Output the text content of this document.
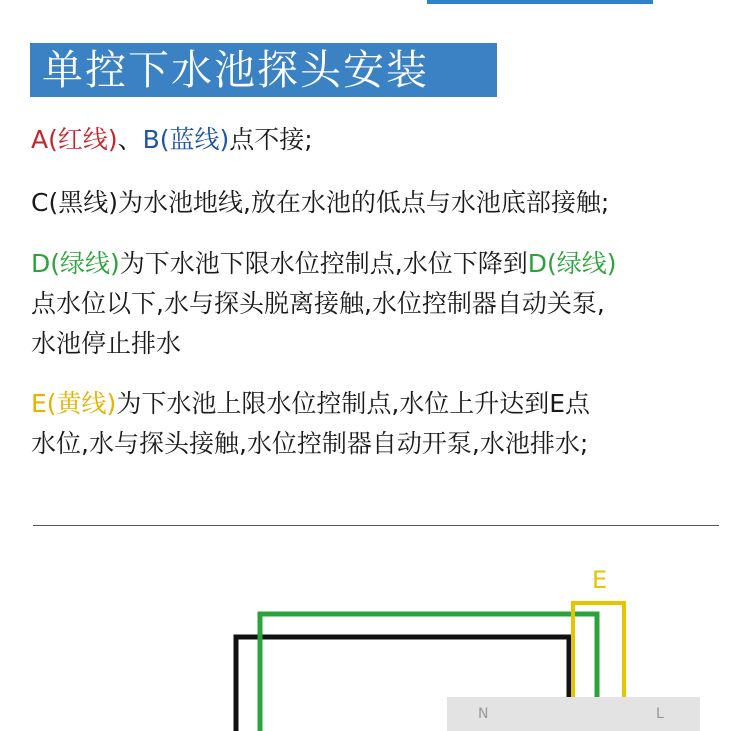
单控下水池探头安装
A(红线)、B(蓝线)点不接;
C(黑线)为水池地线,放在水池的低点与水池底部接触;
D(绿线)为下水池下限水位控制点,水位下降到D(绿线)
点水位以下,水与探头脱离接触,水位控制器自动关泵,
水池停止排水
E(黄线)为下水池上限水位控制点,水位上升达到E点
水位,水与探头接触,水位控制器自动开泵,水池排水;
N	L
E
